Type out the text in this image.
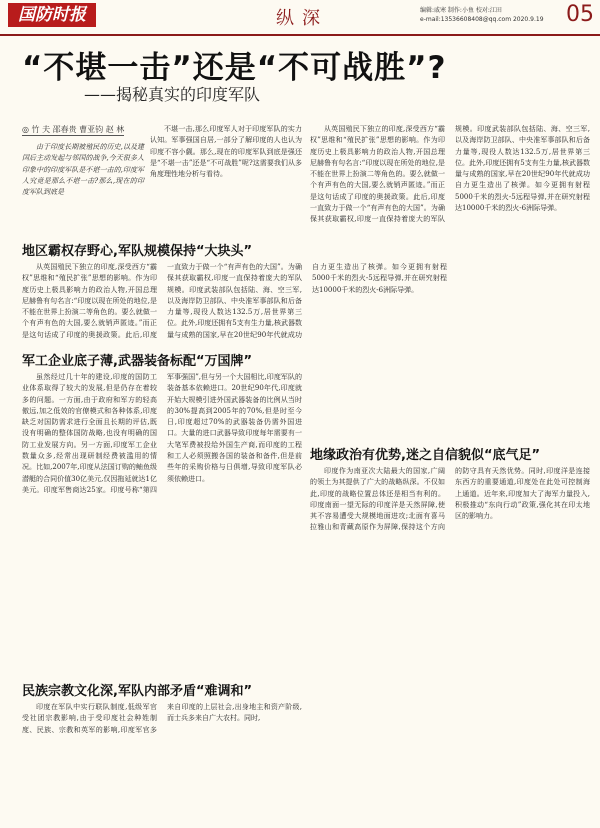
国防时报	纵深	编辑:戚寒 制作:小鱼 校对:江田
e-mail:13536608408@qq.com 2020.9.19 05
“不堪一击”还是“不可战胜”?
——揭秘真实的印度军队
◎ 竹 夫 邵春贵 曹亚钧 赵 林

由于印度长期被殖民的历史,以及建国后主动发起与邻国的战争,今天很多人印象中的印度军队是不堪一击的,印度军人究竟是那么不堪一击?那么,现在的印度军队到底是

不堪一击,那么印度军人对于印度军队的实力认知。军事强国自居,一部分了解印度的人也认为印度不容小觑。那么,现在的印度军队到底是强还是“不堪一击”还是“不可战胜”呢?这需要我们从多角度理性地分析与看待。

地区霸权存野心,军队规模保持“大块头”

从英国殖民下独立的印度,深受西方“霸权”思维和“殖民扩张”思想的影响。作为印度历史上极具影响力的政治人物,开国总理尼赫鲁有句名言:“印度以现在所处的地位,是不能在世界上扮演二等角色的。要么就做一个有声有色的大国,要么就销声匿迹。”而正是这句话成了印度的奥援政策。此后,印度一直致力于做一个“有声有色的大国”。为确保其获取霸权,印度一直保持着庞大的军队规模。印度武装部队包括陆、海、空三军,以及海岸防卫部队、中央准军事部队和后备力量等,现役人数达132.5万,居世界第三位。此外,印度还拥有5支有生力量,核武器数量与成熟的国家,早在20世纪90年代就成功自力更生造出了核弹。如今更拥有射程5000千米的烈火-5远程导弹,并在研究射程达10000千米的烈火-6洲际导弹。

军工企业底子薄,武器装备标配“万国牌”

虽然经过几十年的建设,印度的国防工业体系取得了较大的发展,但是仍存在着较多的问题。一方面,由于政府和军方的轻高傲远,加之低效的官僚模式和各种体系,印度缺乏对国防需求进行全面且长期的评估,既没有明确的整体国防战略,也没有明确的国防工业发展方向。另一方面,印度军工企业数量众多,经常出现研制经费被滥用的情况。比如,2007年,印度从法国订购的鲉鱼级潜艇的合同价值30亿美元,仅因拖延就达1亿美元。印度军售商达25家。印度号称“第四军事强国”,但与另一个大国相比,印度军队的装备基本依赖进口。20世纪90年代,印度就开始大规模引进外国武器装备的比例从当时的30%提高到2005年的70%,但是时至今日,印度超过70%的武器装备仍需外国进口。大量的进口武器导致印度每年需要有一大笔军费被投给外国生产商,而印度的工程和工人必须照搬各国的装备和备件,但是前些年的采购价格与日俱增,导致印度军队必须依赖进口。

民族宗教文化深,军队内部矛盾“难调和”

印度在军队中实行联队制度,低级军官受社团宗教影响,由于受印度社会种姓制度、民族、宗教和英军的影响,印度军官多来自印度的上层社会,出身地主和资产阶级,而士兵多来自广大农村。同时,

从英国殖民下独立的印度,深受西方“霸权”思维和“殖民扩张”思想的影响。作为印度历史上极具影响力的政治人物,开国总理尼赫鲁有句名言:“印度以现在所处的地位,是不能在世界上扮演二等角色的。要么就做一个有声有色的大国,要么就销声匿迹。”而正是这句话成了印度的奥援政策。此后,印度一直致力于做一个“有声有色的大国”。为确保其获取霸权,印度一直保持着庞大的军队规模。印度武装部队包括陆、海、空三军,以及海岸防卫部队、中央准军事部队和后备力量等,现役人数达132.5万,居世界第三位。此外,印度还拥有5支有生力量,核武器数量与成熟的国家,早在20世纪90年代就成功自力更生造出了核弹。如今更拥有射程5000千米的烈火-5远程导弹,并在研究射程达10000千米的烈火-6洲际导弹。

地缘政治有优势,迷之自信貌似“底气足”

印度作为南亚次大陆最大的国家,广阔的领土为其提供了广大的战略纵深。不仅如此,印度的战略位置总体还是相当有利的。印度南面一望无际的印度洋是天然屏障,使其不容易遭受大规模地面进攻;北面有喜马拉雅山和青藏高原作为屏障,保持这个方向的防守具有天然优势。同时,印度洋是连接东西方的重要通道,印度处在此处可控制海上通道。近年来,印度加大了海军力量投入,积极推动“东向行动”政策,强化其在印太地区的影响力。
